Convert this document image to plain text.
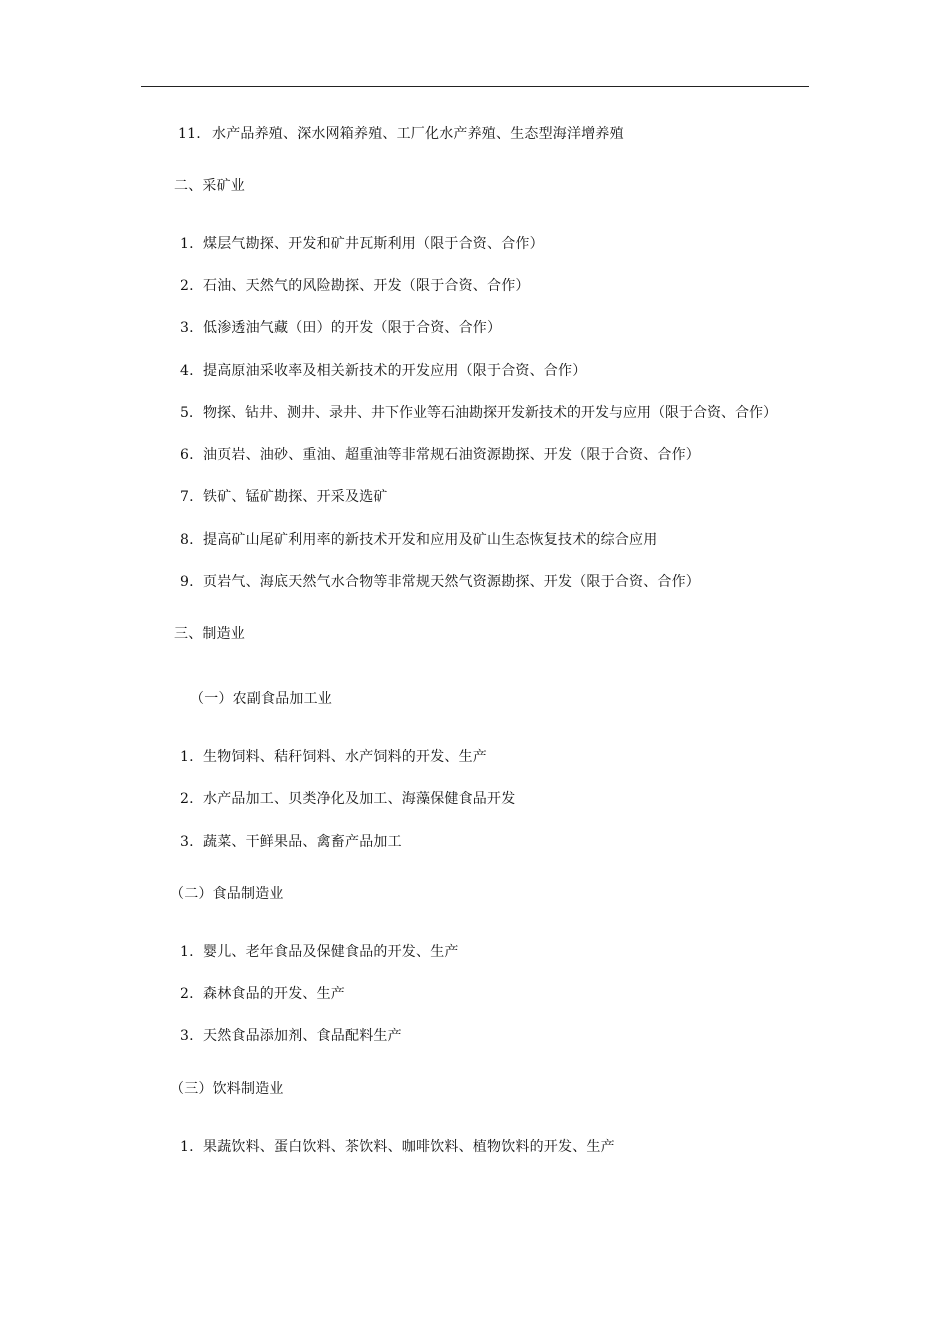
11. 水产品养殖、深水网箱养殖、工厂化水产养殖、生态型海洋增养殖
二、采矿业
1. 煤层气勘探、开发和矿井瓦斯利用（限于合资、合作）
2. 石油、天然气的风险勘探、开发（限于合资、合作）
3. 低渗透油气藏（田）的开发（限于合资、合作）
4. 提高原油采收率及相关新技术的开发应用（限于合资、合作）
5. 物探、钻井、测井、录井、井下作业等石油勘探开发新技术的开发与应用（限于合资、合作）
6. 油页岩、油砂、重油、超重油等非常规石油资源勘探、开发（限于合资、合作）
7. 铁矿、锰矿勘探、开采及选矿
8. 提高矿山尾矿利用率的新技术开发和应用及矿山生态恢复技术的综合应用
9. 页岩气、海底天然气水合物等非常规天然气资源勘探、开发（限于合资、合作）
三、制造业
（一）农副食品加工业
1. 生物饲料、秸秆饲料、水产饲料的开发、生产
2. 水产品加工、贝类净化及加工、海藻保健食品开发
3. 蔬菜、干鲜果品、禽畜产品加工
（二）食品制造业
1. 婴儿、老年食品及保健食品的开发、生产
2. 森林食品的开发、生产
3. 天然食品添加剂、食品配料生产
（三）饮料制造业
1. 果蔬饮料、蛋白饮料、茶饮料、咖啡饮料、植物饮料的开发、生产
